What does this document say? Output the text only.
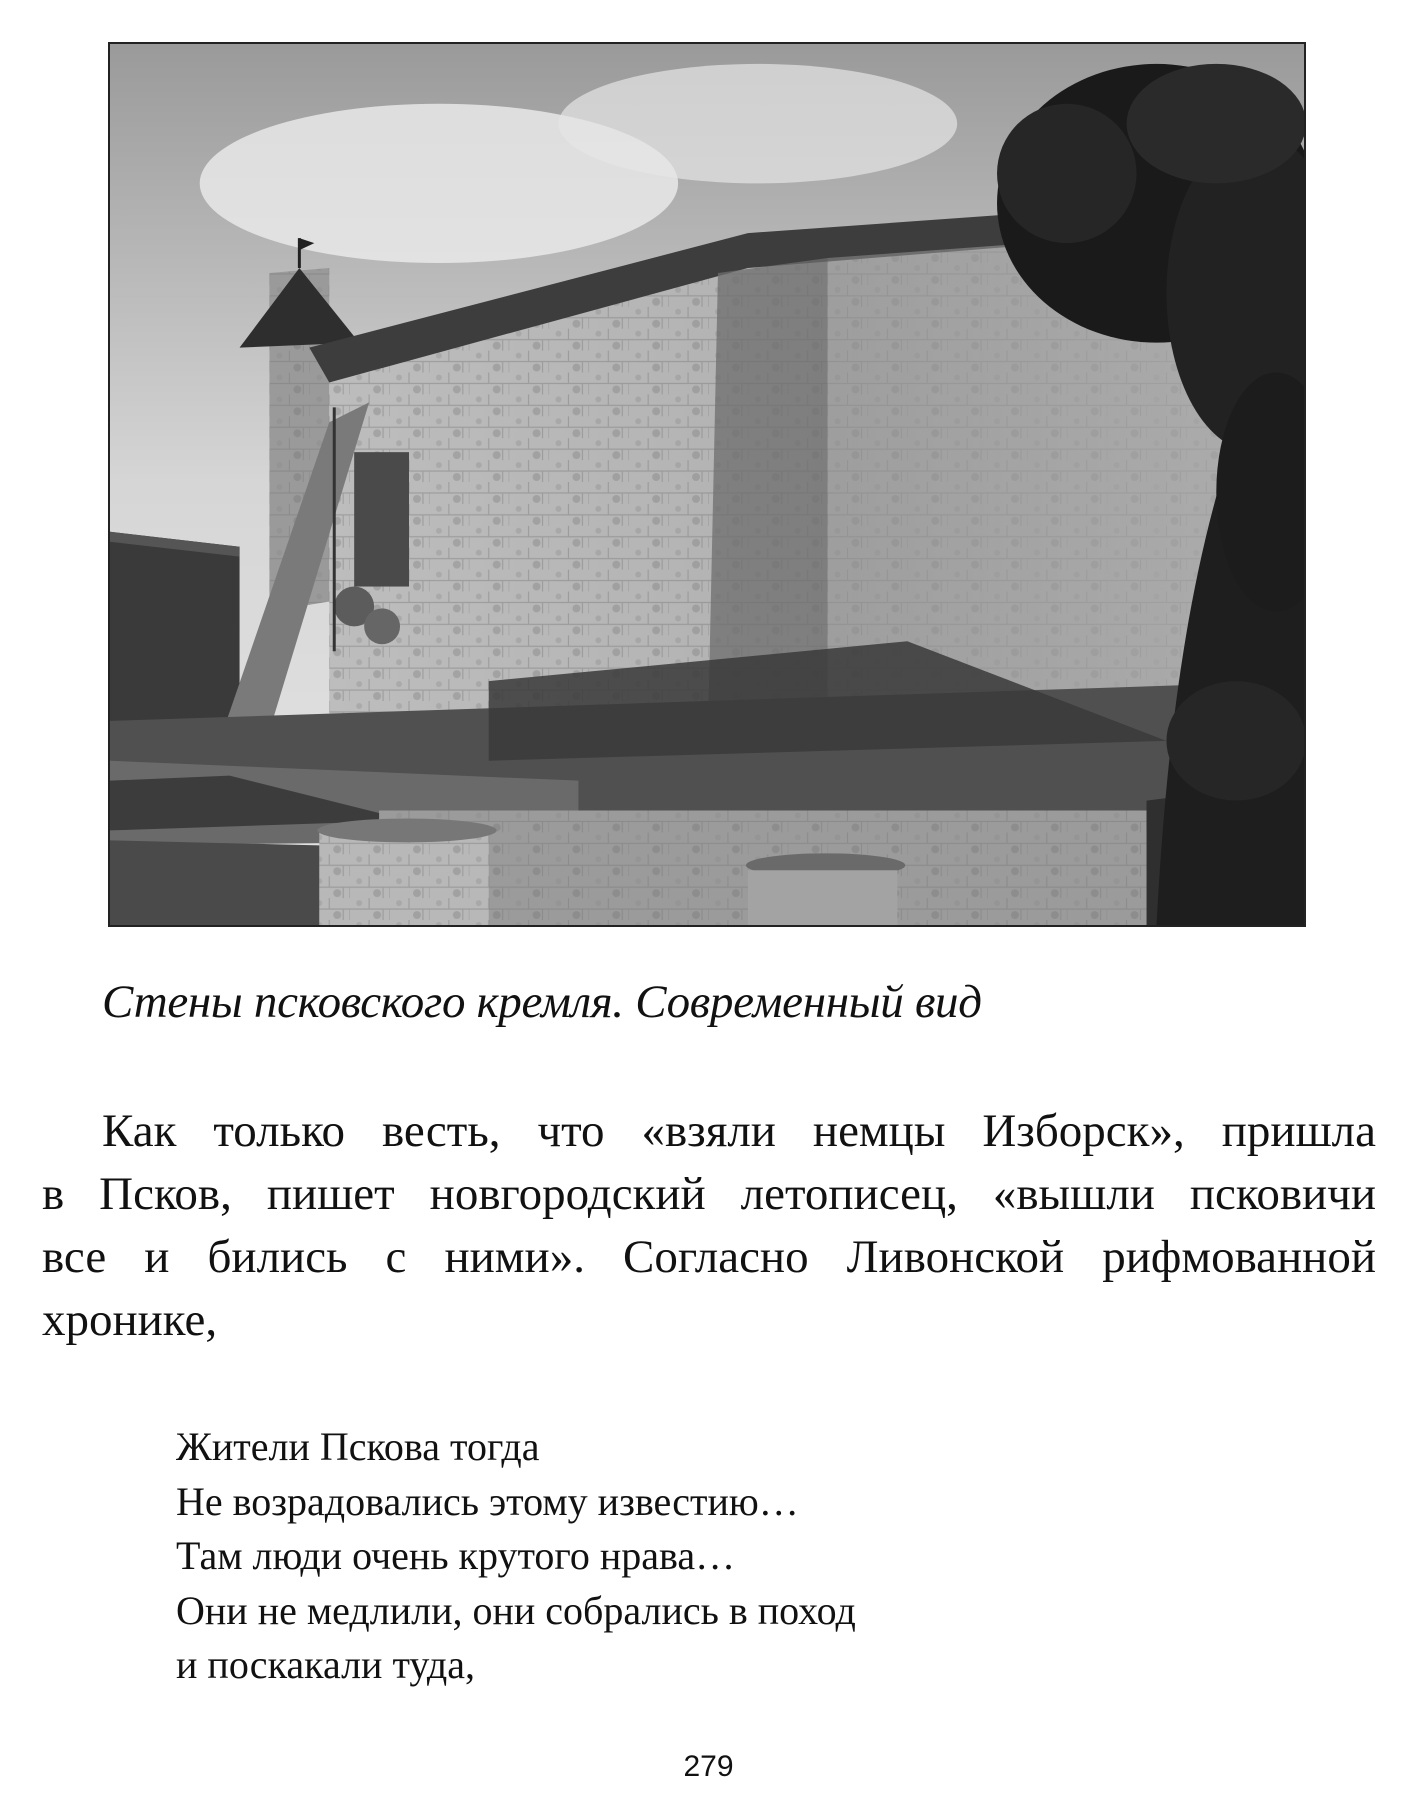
Стены псковского кремля. Современный вид
Как только весть, что «взяли немцы Изборск», пришла
в Псков, пишет новгородский летописец, «вышли псковичи
все и бились с ними». Согласно Ливонской рифмованной
хронике,
Жители Пскова тогда
Не возрадовались этому известию…
Там люди очень крутого нрава…
Они не медлили, они собрались в поход
и поскакали туда,
279
